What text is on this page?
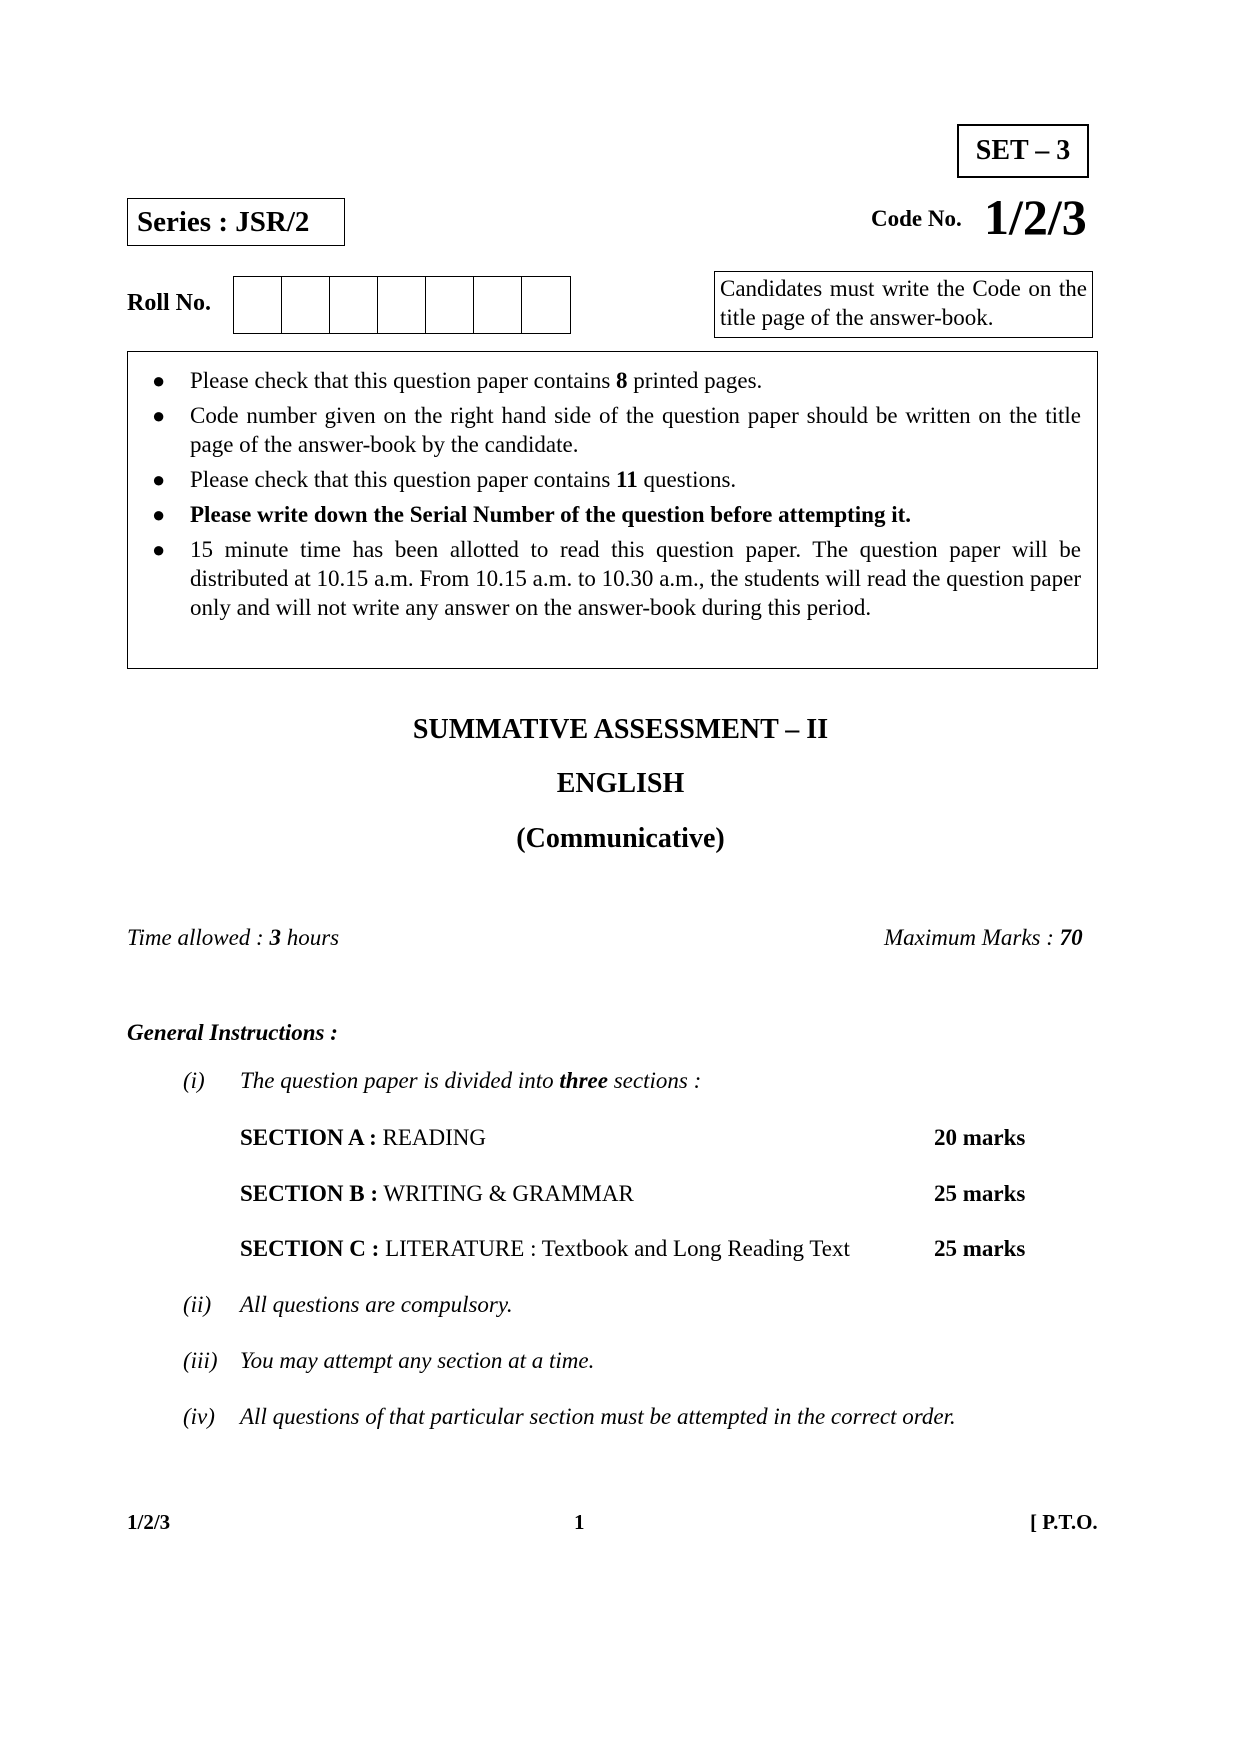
SET – 3
Series : JSR/2	Code No. 1/2/3
Roll No.
Candidates must write the Code on the title page of the answer-book.
● Please check that this question paper contains 8 printed pages.
● Code number given on the right hand side of the question paper should be written on the title page of the answer-book by the candidate.
● Please check that this question paper contains 11 questions.
● Please write down the Serial Number of the question before attempting it.
● 15 minute time has been allotted to read this question paper. The question paper will be distributed at 10.15 a.m. From 10.15 a.m. to 10.30 a.m., the students will read the question paper only and will not write any answer on the answer-book during this period.
SUMMATIVE ASSESSMENT – II
ENGLISH
(Communicative)
Time allowed : 3 hours	Maximum Marks : 70
General Instructions :
(i) The question paper is divided into three sections :
SECTION A : READING	20 marks
SECTION B : WRITING & GRAMMAR	25 marks
SECTION C : LITERATURE : Textbook and Long Reading Text	25 marks
(ii) All questions are compulsory.
(iii) You may attempt any section at a time.
(iv) All questions of that particular section must be attempted in the correct order.
1/2/3	1	[ P.T.O.
